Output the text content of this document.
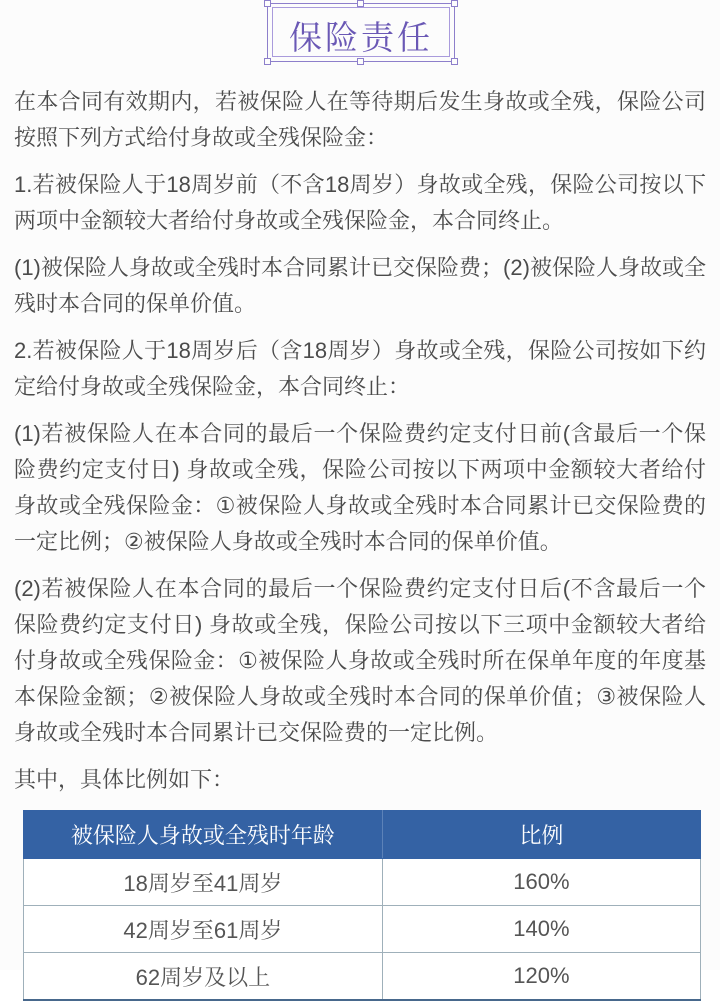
保险责任

在本合同有效期内，若被保险人在等待期后发生身故或全残，保险公司按照下列方式给付身故或全残保险金：

1.若被保险人于18周岁前（不含18周岁）身故或全残，保险公司按以下两项中金额较大者给付身故或全残保险金，本合同终止。

(1)被保险人身故或全残时本合同累计已交保险费；(2)被保险人身故或全残时本合同的保单价值。

2.若被保险人于18周岁后（含18周岁）身故或全残，保险公司按如下约定给付身故或全残保险金，本合同终止：

(1)若被保险人在本合同的最后一个保险费约定支付日前(含最后一个保险费约定支付日) 身故或全残，保险公司按以下两项中金额较大者给付身故或全残保险金：①被保险人身故或全残时本合同累计已交保险费的一定比例；②被保险人身故或全残时本合同的保单价值。

(2)若被保险人在本合同的最后一个保险费约定支付日后(不含最后一个保险费约定支付日) 身故或全残，保险公司按以下三项中金额较大者给付身故或全残保险金：①被保险人身故或全残时所在保单年度的年度基本保险金额；②被保险人身故或全残时本合同的保单价值；③被保险人身故或全残时本合同累计已交保险费的一定比例。

其中，具体比例如下：

被保险人身故或全残时年龄	比例
18周岁至41周岁	160%
42周岁至61周岁	140%
62周岁及以上	120%
